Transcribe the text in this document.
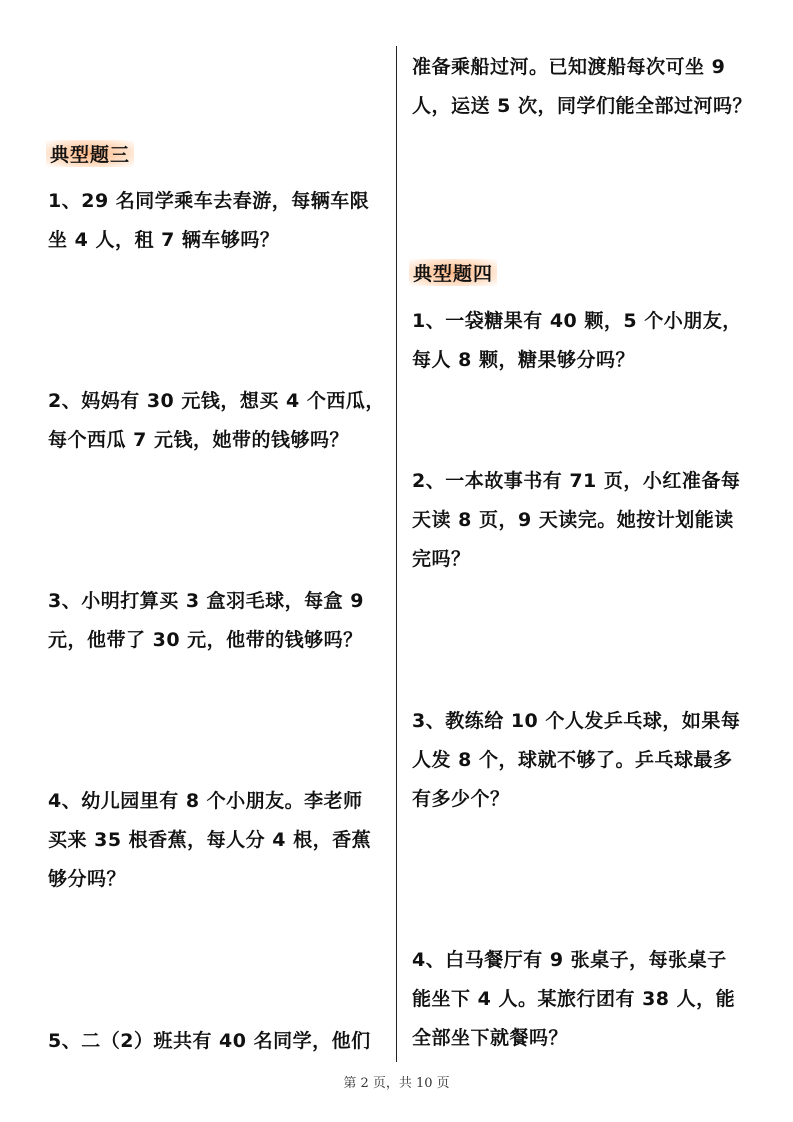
典型题三
1、29 名同学乘车去春游，每辆车限
坐 4 人，租 7 辆车够吗？
2、妈妈有 30 元钱，想买 4 个西瓜，
每个西瓜 7 元钱，她带的钱够吗？
3、小明打算买 3 盒羽毛球，每盒 9
元，他带了 30 元，他带的钱够吗？
4、幼儿园里有 8 个小朋友。李老师
买来 35 根香蕉，每人分 4 根，香蕉
够分吗？
5、二（2）班共有 40 名同学，他们
准备乘船过河。已知渡船每次可坐 9
人，运送 5 次，同学们能全部过河吗？
典型题四
1、一袋糖果有 40 颗，5 个小朋友，
每人 8 颗，糖果够分吗？
2、一本故事书有 71 页，小红准备每
天读 8 页，9 天读完。她按计划能读
完吗？
3、教练给 10 个人发乒乓球，如果每
人发 8 个，球就不够了。乒乓球最多
有多少个？
4、白马餐厅有 9 张桌子，每张桌子
能坐下 4 人。某旅行团有 38 人，能
全部坐下就餐吗？
第 2 页，共 10 页
